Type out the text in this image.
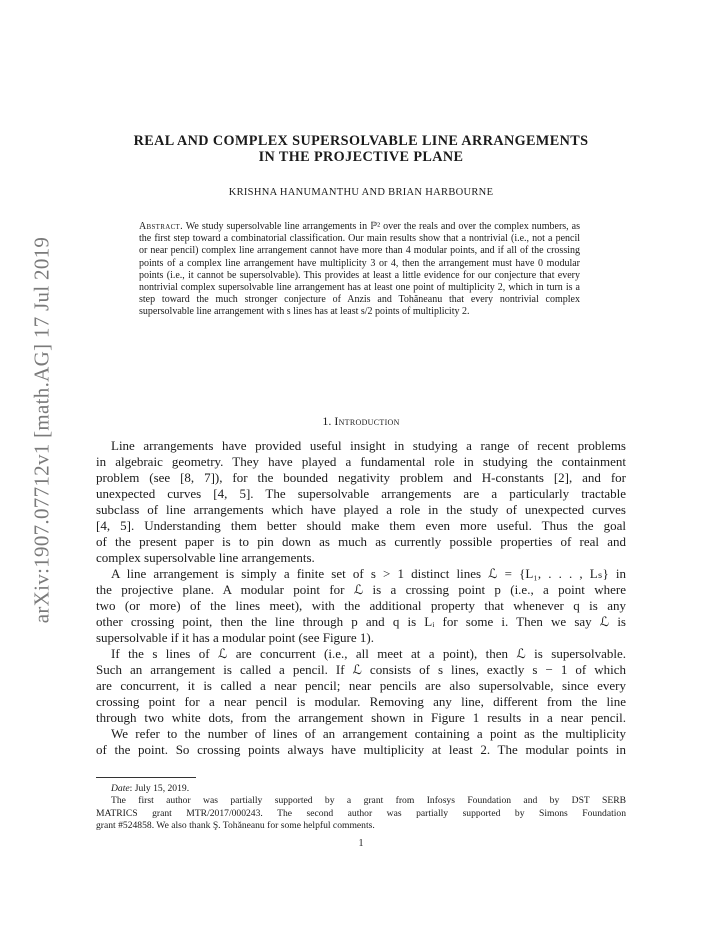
arXiv:1907.07712v1 [math.AG] 17 Jul 2019
REAL AND COMPLEX SUPERSOLVABLE LINE ARRANGEMENTS
IN THE PROJECTIVE PLANE
KRISHNA HANUMANTHU AND BRIAN HARBOURNE
Abstract. We study supersolvable line arrangements in ℙ² over the reals and over the complex numbers, as the first step toward a combinatorial classification. Our main results show that a nontrivial (i.e., not a pencil or near pencil) complex line arrangement cannot have more than 4 modular points, and if all of the crossing points of a complex line arrangement have multiplicity 3 or 4, then the arrangement must have 0 modular points (i.e., it cannot be supersolvable). This provides at least a little evidence for our conjecture that every nontrivial complex supersolvable line arrangement has at least one point of multiplicity 2, which in turn is a step toward the much stronger conjecture of Anzis and Tohăneanu that every nontrivial complex supersolvable line arrangement with s lines has at least s/2 points of multiplicity 2.
1. Introduction
Line arrangements have provided useful insight in studying a range of recent problems
in algebraic geometry. They have played a fundamental role in studying the containment
problem (see [8, 7]), for the bounded negativity problem and H-constants [2], and for
unexpected curves [4, 5]. The supersolvable arrangements are a particularly tractable
subclass of line arrangements which have played a role in the study of unexpected curves
[4, 5]. Understanding them better should make them even more useful. Thus the goal
of the present paper is to pin down as much as currently possible properties of real and
complex supersolvable line arrangements.
A line arrangement is simply a finite set of s > 1 distinct lines ℒ = {L₁, . . . , Lₛ} in
the projective plane. A modular point for ℒ is a crossing point p (i.e., a point where
two (or more) of the lines meet), with the additional property that whenever q is any
other crossing point, then the line through p and q is Lᵢ for some i. Then we say ℒ is
supersolvable if it has a modular point (see Figure 1).
If the s lines of ℒ are concurrent (i.e., all meet at a point), then ℒ is supersolvable.
Such an arrangement is called a pencil. If ℒ consists of s lines, exactly s − 1 of which
are concurrent, it is called a near pencil; near pencils are also supersolvable, since every
crossing point for a near pencil is modular. Removing any line, different from the line
through two white dots, from the arrangement shown in Figure 1 results in a near pencil.
We refer to the number of lines of an arrangement containing a point as the multiplicity
of the point. So crossing points always have multiplicity at least 2. The modular points in
Date: July 15, 2019.
The first author was partially supported by a grant from Infosys Foundation and by DST SERB
MATRICS grant MTR/2017/000243. The second author was partially supported by Simons Foundation
grant #524858. We also thank Ş. Tohăneanu for some helpful comments.
1
